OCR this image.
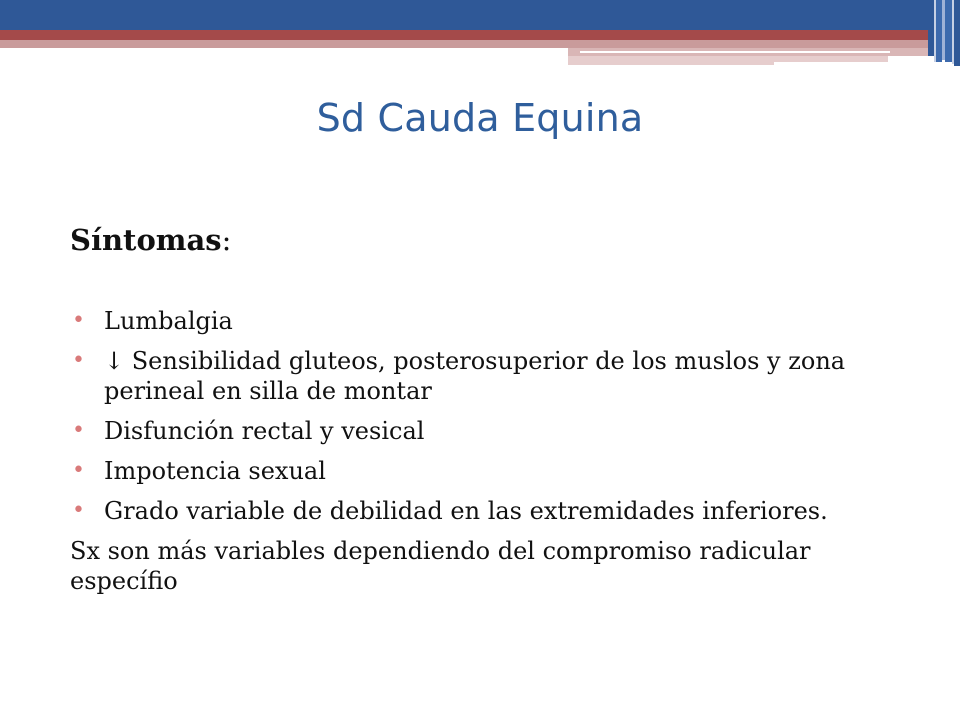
Sd Cauda Equina
Síntomas:
• Lumbalgia
• ↓ Sensibilidad gluteos, posterosuperior de los muslos y zona perineal en silla de montar
• Disfunción rectal y vesical
• Impotencia sexual
• Grado variable de debilidad en las extremidades inferiores.
Sx son más variables dependiendo del compromiso radicular específio
